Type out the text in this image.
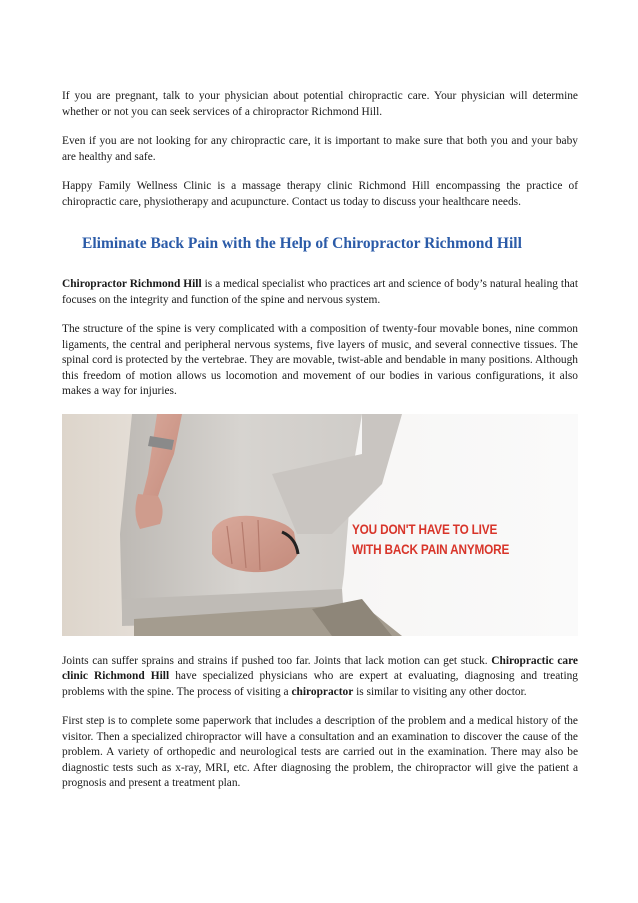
If you are pregnant, talk to your physician about potential chiropractic care. Your physician will determine whether or not you can seek services of a chiropractor Richmond Hill.

Even if you are not looking for any chiropractic care, it is important to make sure that both you and your baby are healthy and safe.

Happy Family Wellness Clinic is a massage therapy clinic Richmond Hill encompassing the practice of chiropractic care, physiotherapy and acupuncture. Contact us today to discuss your healthcare needs.

Eliminate Back Pain with the Help of Chiropractor Richmond Hill

Chiropractor Richmond Hill is a medical specialist who practices art and science of body’s natural healing that focuses on the integrity and function of the spine and nervous system.

The structure of the spine is very complicated with a composition of twenty-four movable bones, nine common ligaments, the central and peripheral nervous systems, five layers of music, and several connective tissues. The spinal cord is protected by the vertebrae. They are movable, twist-able and bendable in many positions. Although this freedom of motion allows us locomotion and movement of our bodies in various configurations, it also makes a way for injuries.

YOU DON'T HAVE TO LIVE
WITH BACK PAIN ANYMORE

Joints can suffer sprains and strains if pushed too far. Joints that lack motion can get stuck. Chiropractic care clinic Richmond Hill have specialized physicians who are expert at evaluating, diagnosing and treating problems with the spine. The process of visiting a chiropractor is similar to visiting any other doctor.

First step is to complete some paperwork that includes a description of the problem and a medical history of the visitor. Then a specialized chiropractor will have a consultation and an examination to discover the cause of the problem. A variety of orthopedic and neurological tests are carried out in the examination. There may also be diagnostic tests such as x-ray, MRI, etc. After diagnosing the problem, the chiropractor will give the patient a prognosis and present a treatment plan.
